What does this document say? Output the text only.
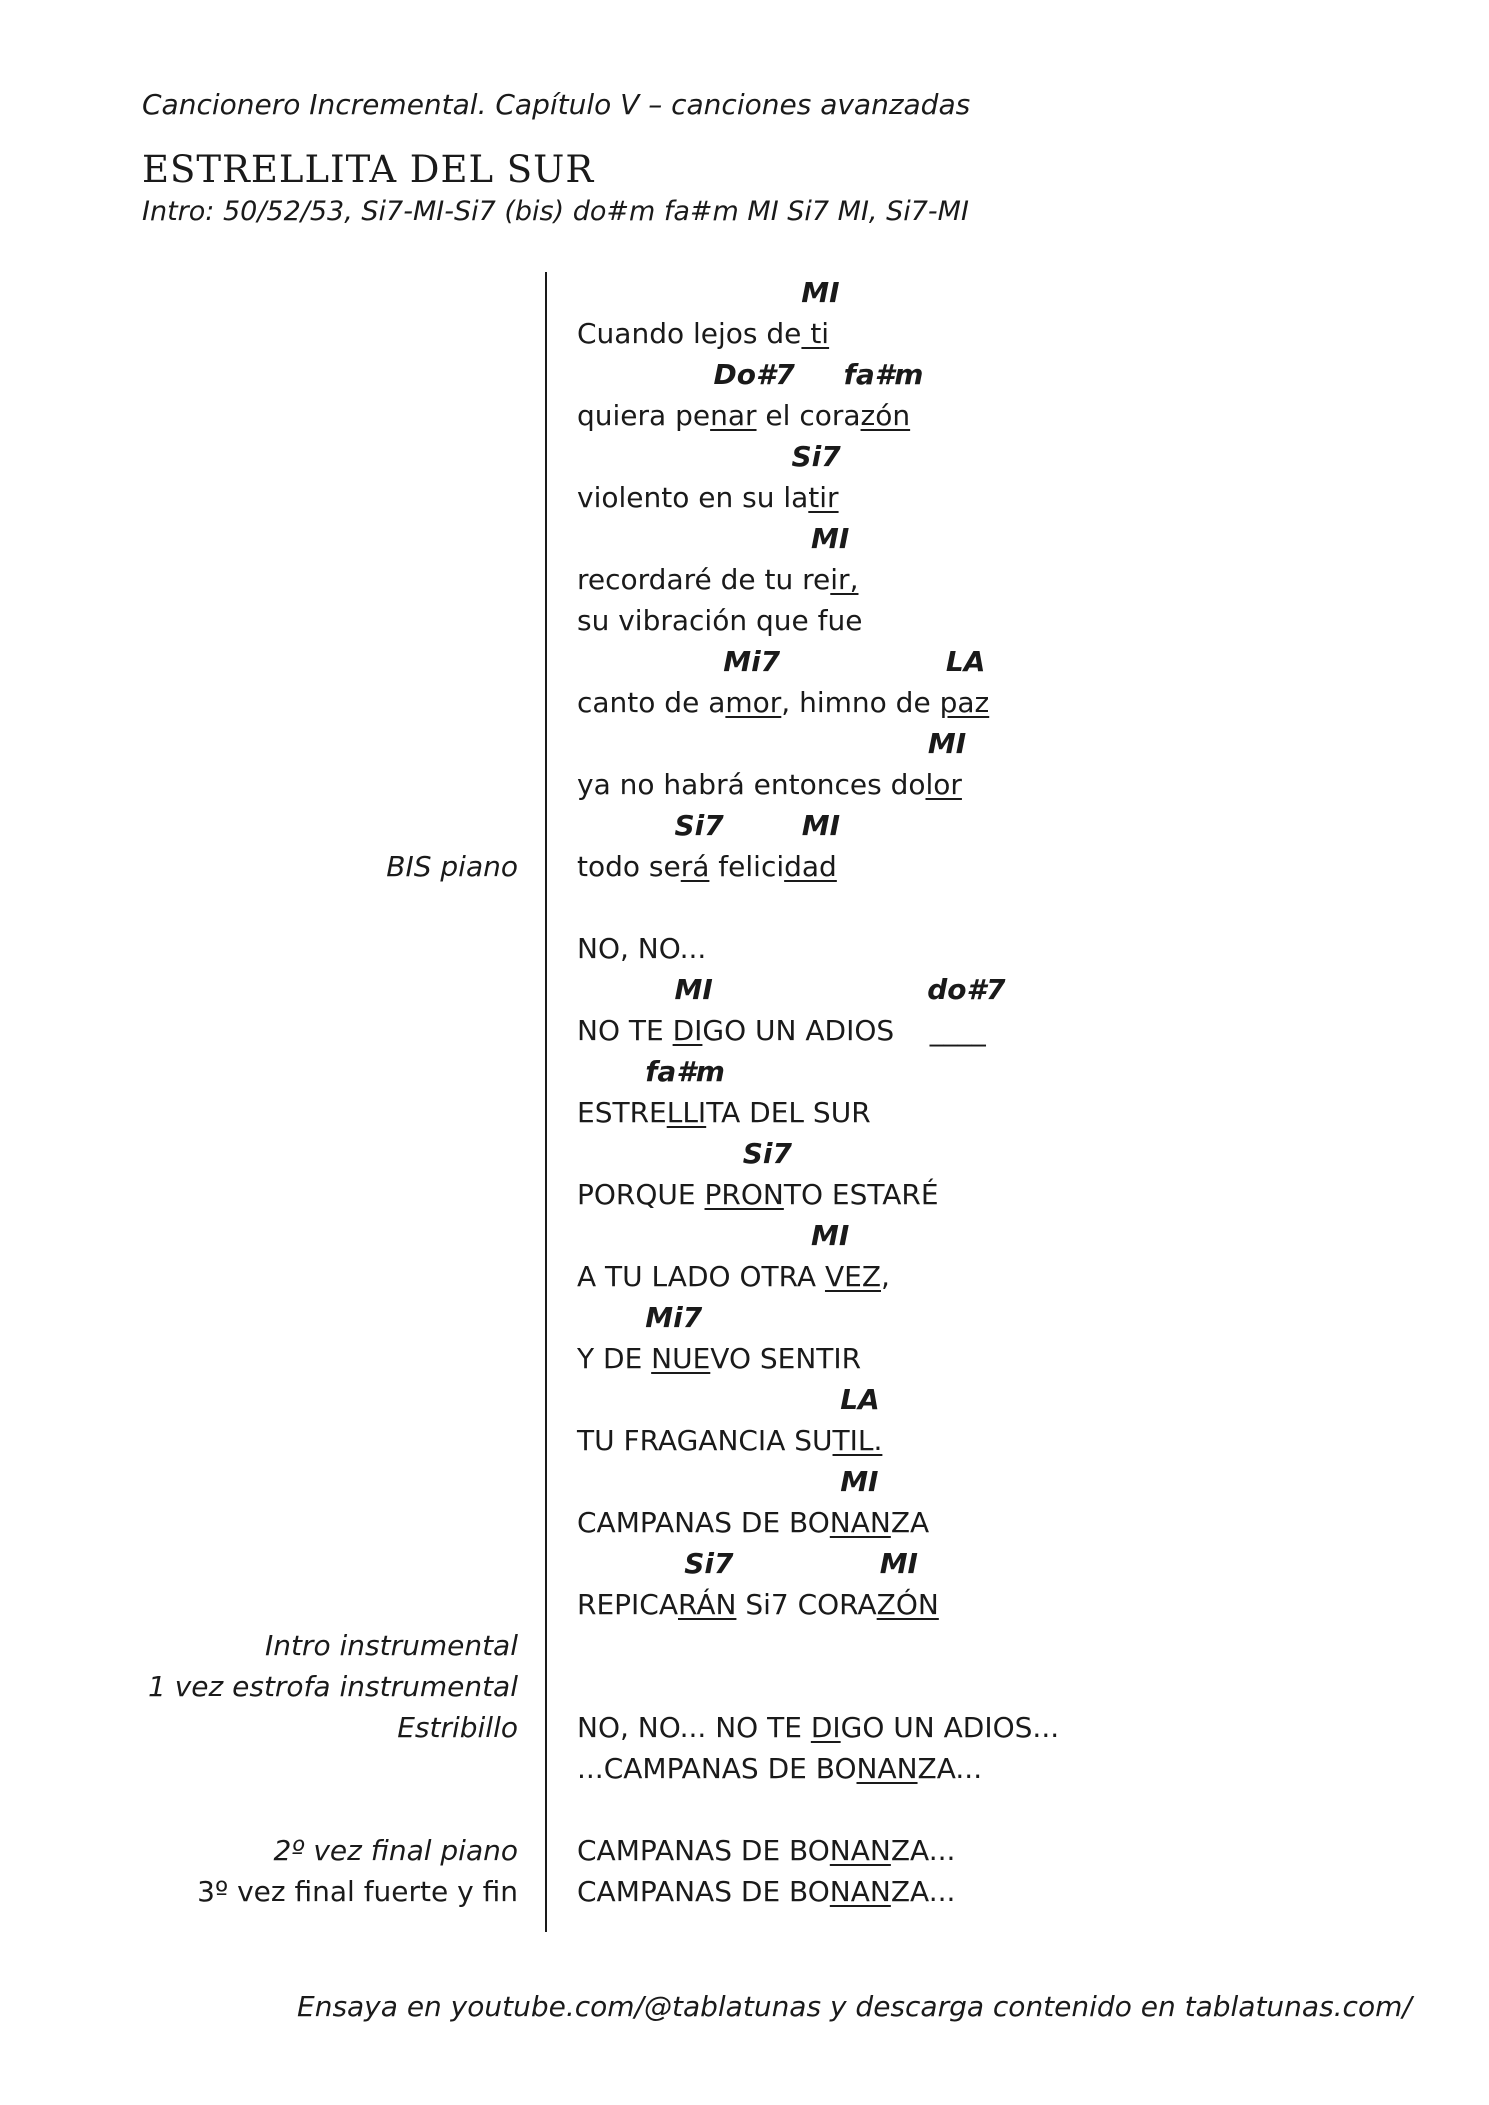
Cancionero Incremental. Capítulo V – canciones avanzadas
ESTRELLITA DEL SUR
Intro: 50/52/53, Si7-MI-Si7 (bis) do#m fa#m MI Si7 MI, Si7-MI
MI
Cuando lejos de ti
Do#7     fa#m
quiera penar el corazón
Si7
violento en su latir
MI
recordaré de tu reir,
su vibración que fue
Mi7                 LA
canto de amor, himno de paz
MI
ya no habrá entonces dolor
Si7        MI
todo será felicidad
NO, NO...
MI                      do#7
NO TE DIGO UN ADIOS    ____
fa#m
ESTRELLITA DEL SUR
Si7
PORQUE PRONTO ESTARÉ
MI
A TU LADO OTRA VEZ,
Mi7
Y DE NUEVO SENTIR
LA
TU FRAGANCIA SUTIL.
MI
CAMPANAS DE BONANZA
Si7               MI
REPICARÁN Si7 CORAZÓN
NO, NO... NO TE DIGO UN ADIOS...
...CAMPANAS DE BONANZA...
CAMPANAS DE BONANZA...
CAMPANAS DE BONANZA...
BIS piano
Intro instrumental
1 vez estrofa instrumental
Estribillo
2º vez final piano
3º vez final fuerte y fin
Ensaya en youtube.com/@tablatunas y descarga contenido en tablatunas.com/
